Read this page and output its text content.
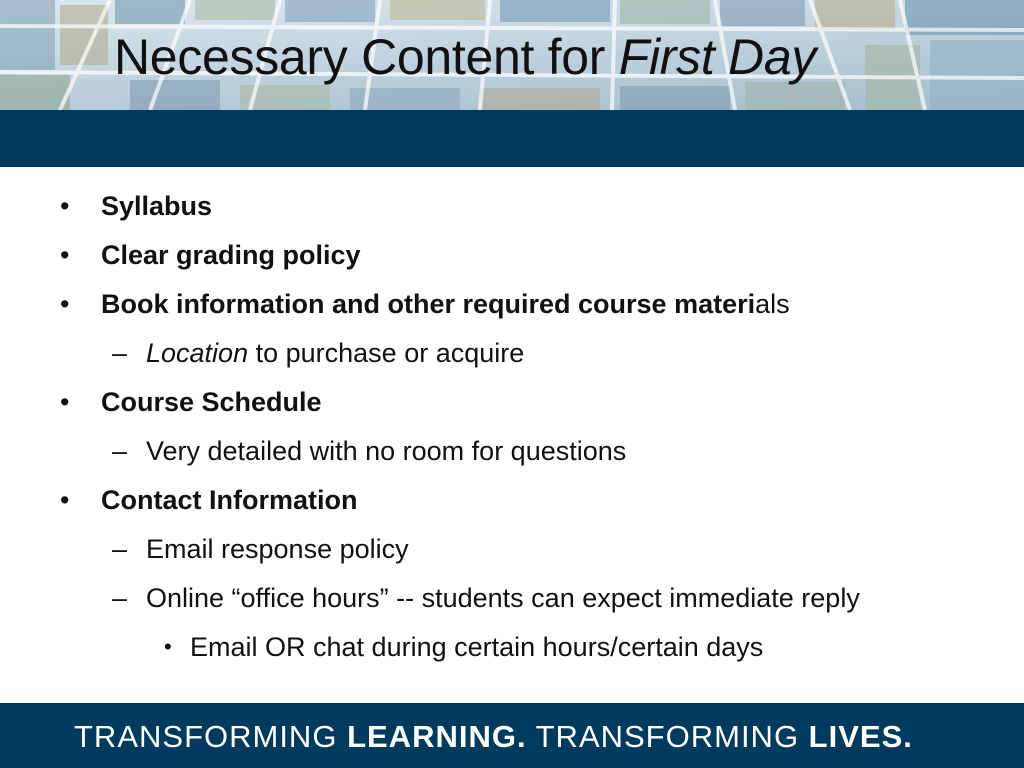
Necessary Content for First Day
• Syllabus
• Clear grading policy
• Book information and other required course materials
– Location to purchase or acquire
• Course Schedule
– Very detailed with no room for questions
• Contact Information
– Email response policy
– Online “office hours” -- students can expect immediate reply
• Email OR chat during certain hours/certain days
TRANSFORMING LEARNING. TRANSFORMING LIVES.
